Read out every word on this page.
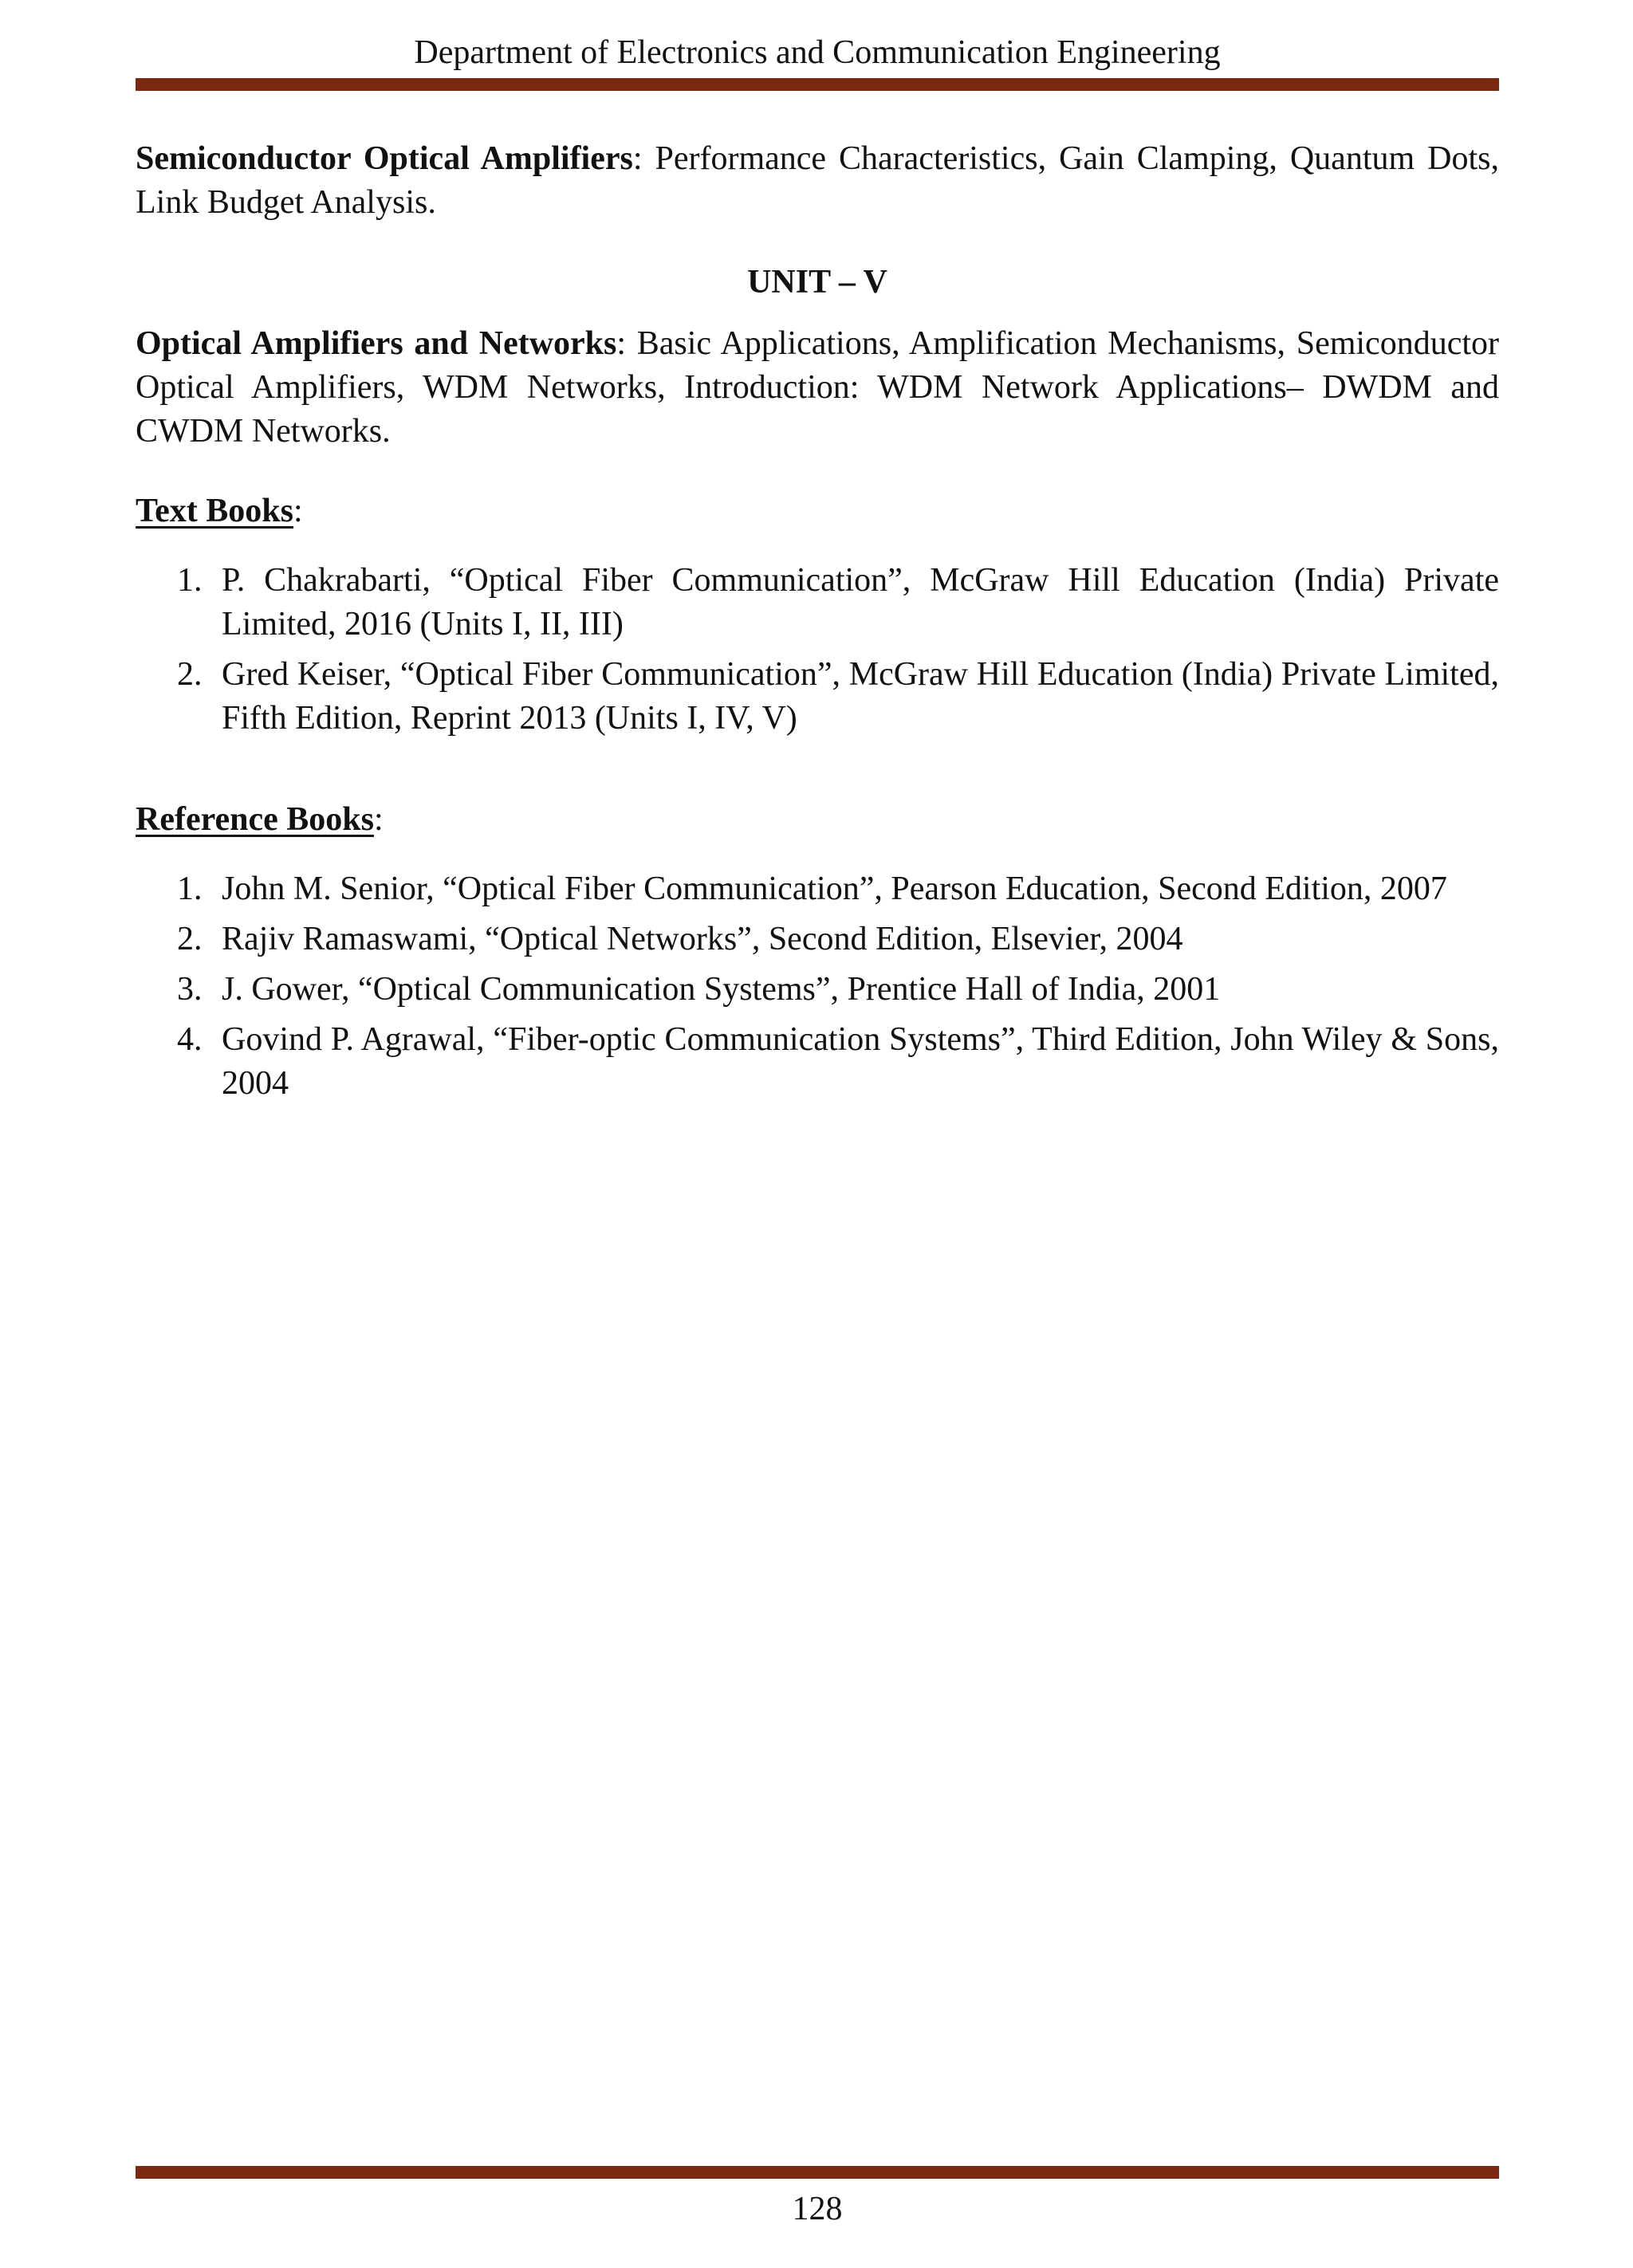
Department of Electronics and Communication Engineering

Semiconductor Optical Amplifiers: Performance Characteristics, Gain Clamping, Quantum Dots, Link Budget Analysis.

UNIT – V

Optical Amplifiers and Networks: Basic Applications, Amplification Mechanisms, Semiconductor Optical Amplifiers, WDM Networks, Introduction: WDM Network Applications– DWDM and CWDM Networks.

Text Books:
1. P. Chakrabarti, “Optical Fiber Communication”, McGraw Hill Education (India) Private Limited, 2016 (Units I, II, III)
2. Gred Keiser, “Optical Fiber Communication”, McGraw Hill Education (India) Private Limited, Fifth Edition, Reprint 2013 (Units I, IV, V)
Reference Books:
1. John M. Senior, “Optical Fiber Communication”, Pearson Education, Second Edition, 2007
2. Rajiv Ramaswami, “Optical Networks”, Second Edition, Elsevier, 2004
3. J. Gower, “Optical Communication Systems”, Prentice Hall of India, 2001
4. Govind P. Agrawal, “Fiber-optic Communication Systems”, Third Edition, John Wiley & Sons, 2004
128
